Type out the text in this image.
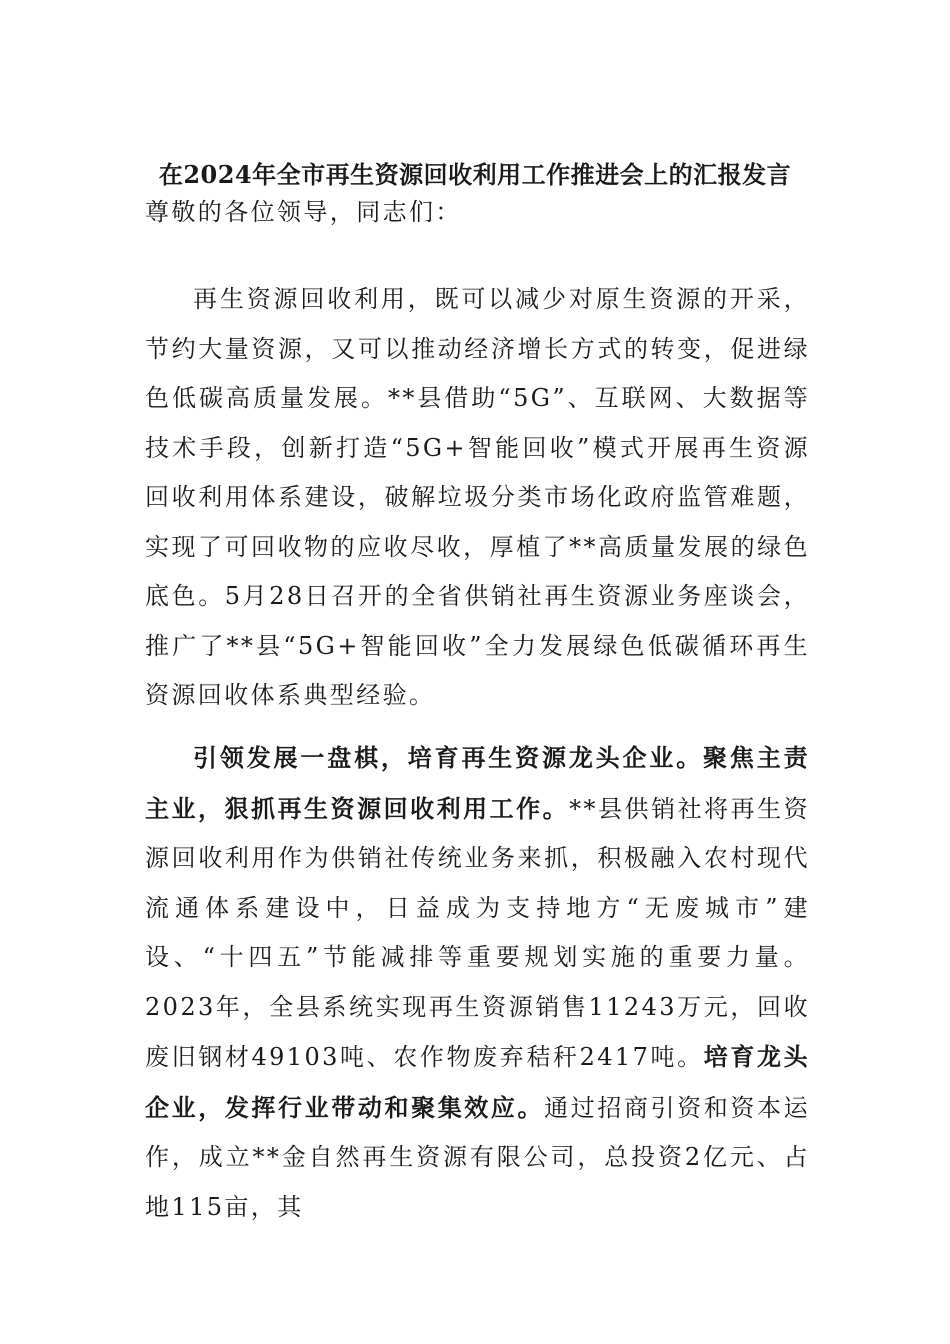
在2024年全市再生资源回收利用工作推进会上的汇报发言
尊敬的各位领导，同志们：
再生资源回收利用，既可以减少对原生资源的开采，节约大量资源，又可以推动经济增长方式的转变，促进绿色低碳高质量发展。**县借助“5G”、互联网、大数据等技术手段，创新打造“5G+智能回收”模式开展再生资源回收利用体系建设，破解垃圾分类市场化政府监管难题，实现了可回收物的应收尽收，厚植了**高质量发展的绿色底色。5月28日召开的全省供销社再生资源业务座谈会，推广了**县“5G+智能回收”全力发展绿色低碳循环再生资源回收体系典型经验。
引领发展一盘棋，培育再生资源龙头企业。聚焦主责主业，狠抓再生资源回收利用工作。**县供销社将再生资源回收利用作为供销社传统业务来抓，积极融入农村现代流通体系建设中，日益成为支持地方“无废城市”建设、“十四五”节能减排等重要规划实施的重要力量。2023年，全县系统实现再生资源销售11243万元，回收废旧钢材49103吨、农作物废弃秸秆2417吨。培育龙头企业，发挥行业带动和聚集效应。通过招商引资和资本运作，成立**金自然再生资源有限公司，总投资2亿元、占地115亩，其
